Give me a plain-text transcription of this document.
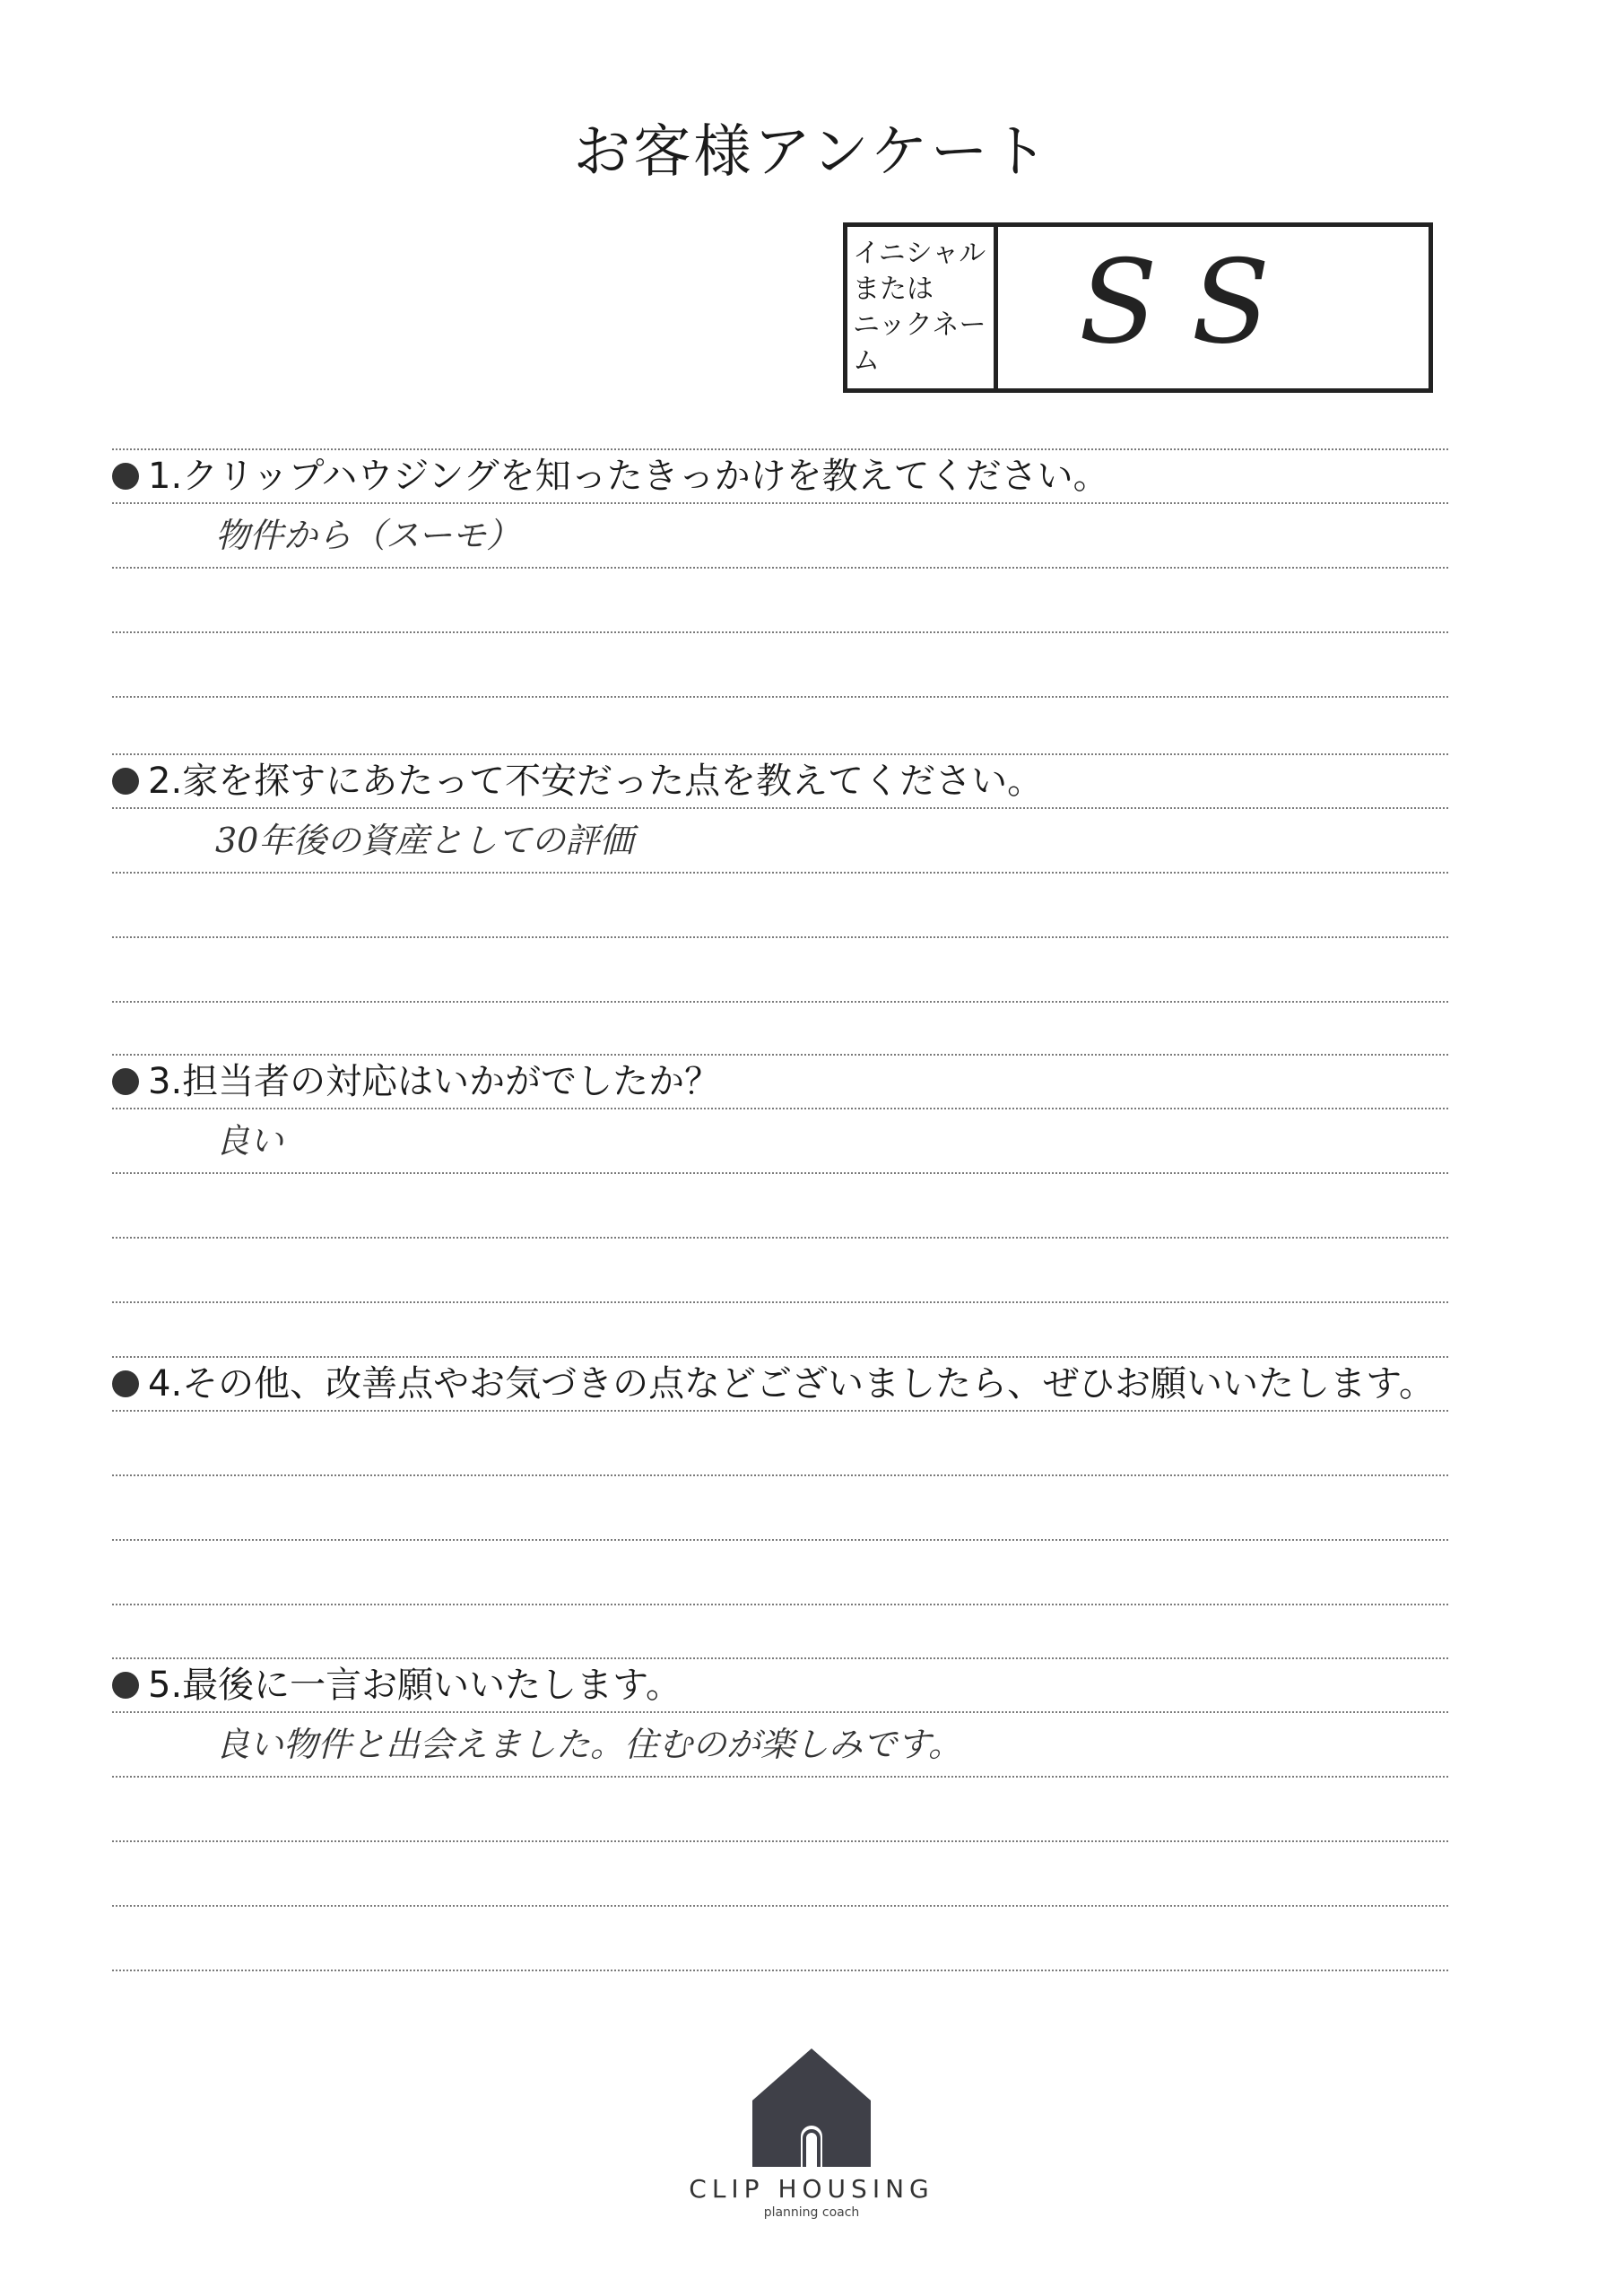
お客様アンケート
イニシャル
または
ニックネーム	SS
1.クリップハウジングを知ったきっかけを教えてください。
物件から（スーモ）
2.家を探すにあたって不安だった点を教えてください。
30年後の資産としての評価
3.担当者の対応はいかがでしたか？
良い
4.その他、改善点やお気づきの点などございましたら、ぜひお願いいたします。
5.最後に一言お願いいたします。
良い物件と出会えました。住むのが楽しみです。
CLIP HOUSING
planning coach
